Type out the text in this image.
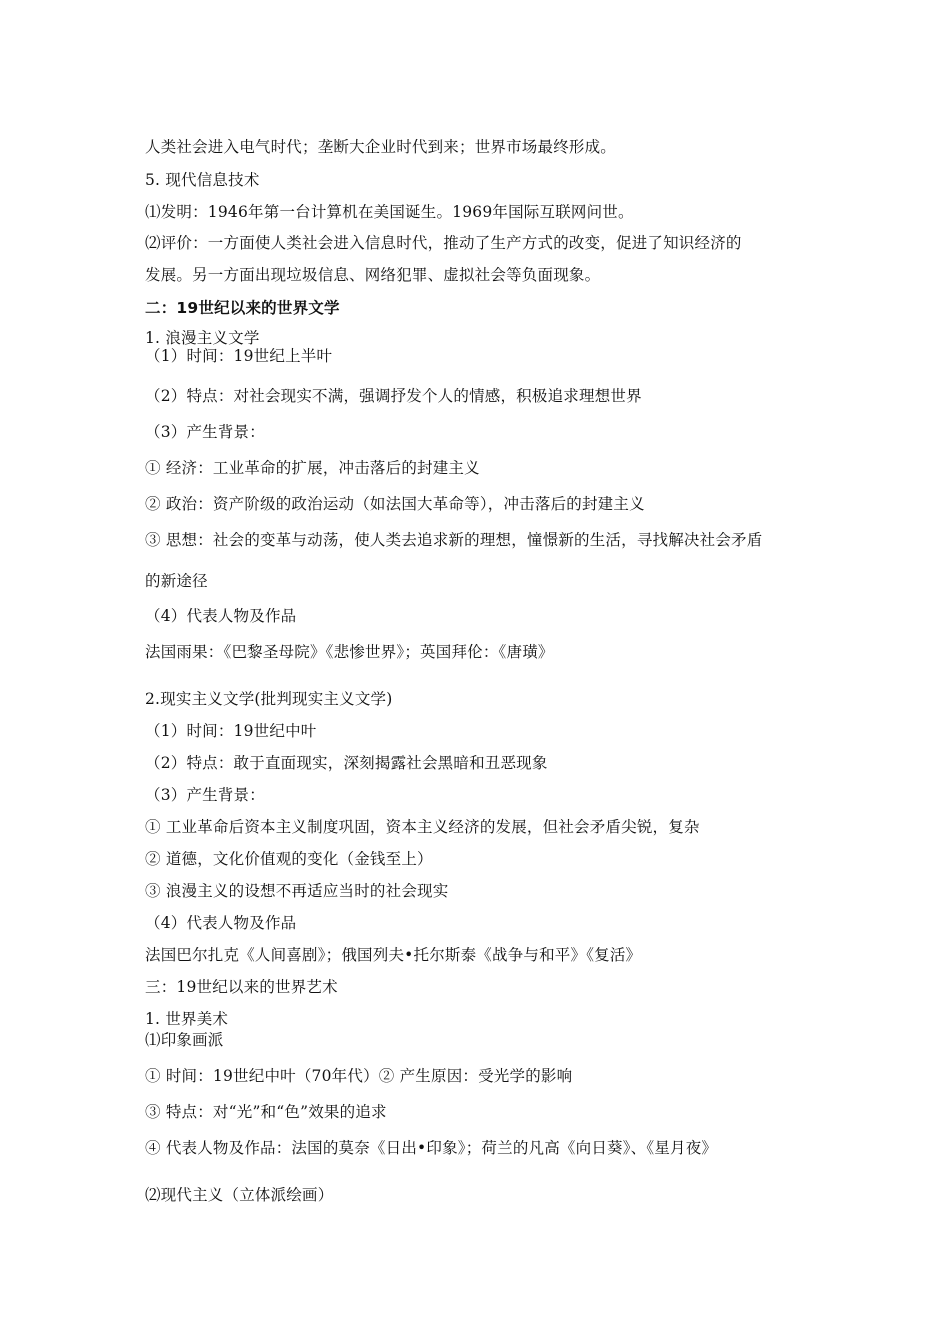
人类社会进入电气时代；垄断大企业时代到来；世界市场最终形成。
5. 现代信息技术
⑴发明：1946年第一台计算机在美国诞生。1969年国际互联网问世。
⑵评价：一方面使人类社会进入信息时代，推动了生产方式的改变，促进了知识经济的
发展。另一方面出现垃圾信息、网络犯罪、虚拟社会等负面现象。
二：19世纪以来的世界文学
1. 浪漫主义文学
（1）时间：19世纪上半叶
（2）特点：对社会现实不满，强调抒发个人的情感，积极追求理想世界
（3）产生背景：
① 经济：工业革命的扩展，冲击落后的封建主义
② 政治：资产阶级的政治运动（如法国大革命等），冲击落后的封建主义
③ 思想：社会的变革与动荡，使人类去追求新的理想，憧憬新的生活，寻找解决社会矛盾
的新途径
（4）代表人物及作品
法国雨果：《巴黎圣母院》《悲惨世界》；英国拜伦：《唐璜》
2.现实主义文学(批判现实主义文学)
（1）时间：19世纪中叶
（2）特点：敢于直面现实，深刻揭露社会黑暗和丑恶现象
（3）产生背景：
① 工业革命后资本主义制度巩固，资本主义经济的发展，但社会矛盾尖锐，复杂
② 道德，文化价值观的变化（金钱至上）
③ 浪漫主义的设想不再适应当时的社会现实
（4）代表人物及作品
法国巴尔扎克《人间喜剧》；俄国列夫•托尔斯泰《战争与和平》《复活》
三：19世纪以来的世界艺术
1. 世界美术
⑴印象画派
① 时间：19世纪中叶（70年代）② 产生原因：受光学的影响
③ 特点：对“光”和“色”效果的追求
④ 代表人物及作品：法国的莫奈《日出•印象》；荷兰的凡高《向日葵》、《星月夜》
⑵现代主义（立体派绘画）
